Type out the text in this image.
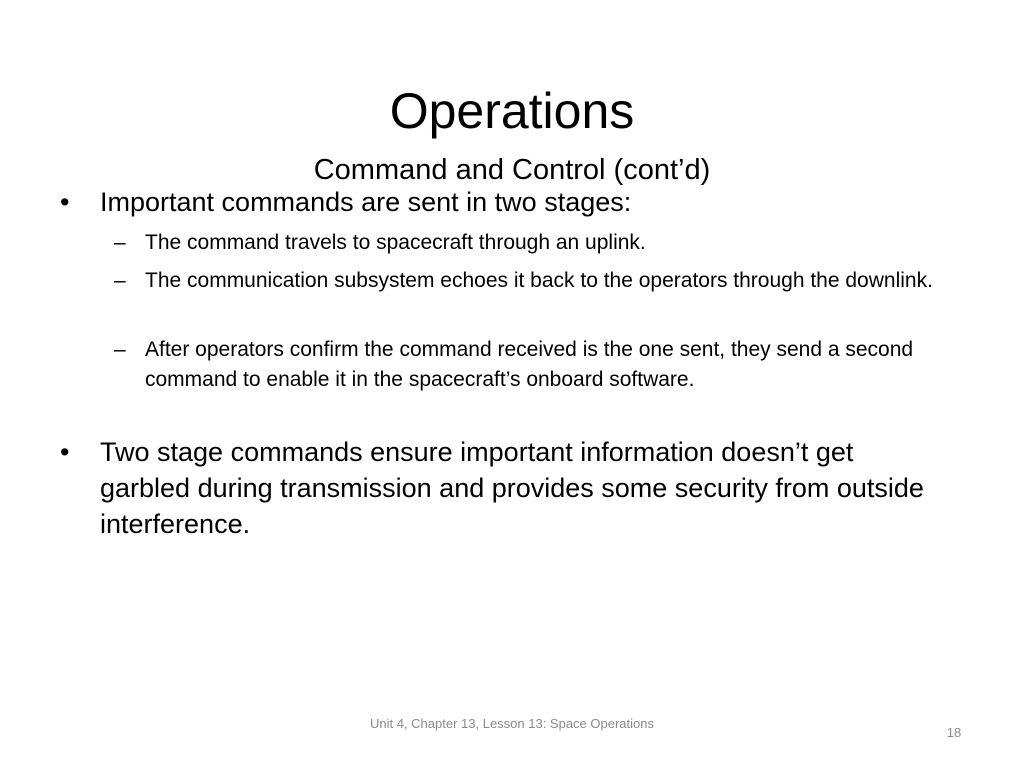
Operations
Command and Control (cont’d)
•	Important commands are sent in two stages:
– The command travels to spacecraft through an uplink.
– The communication subsystem echoes it back to the operators through the downlink.
– After operators confirm the command received is the one sent, they send a second command to enable it in the spacecraft’s onboard software.
•	Two stage commands ensure important information doesn’t get garbled during transmission and provides some security from outside interference.
Unit 4, Chapter 13, Lesson 13: Space Operations
18
